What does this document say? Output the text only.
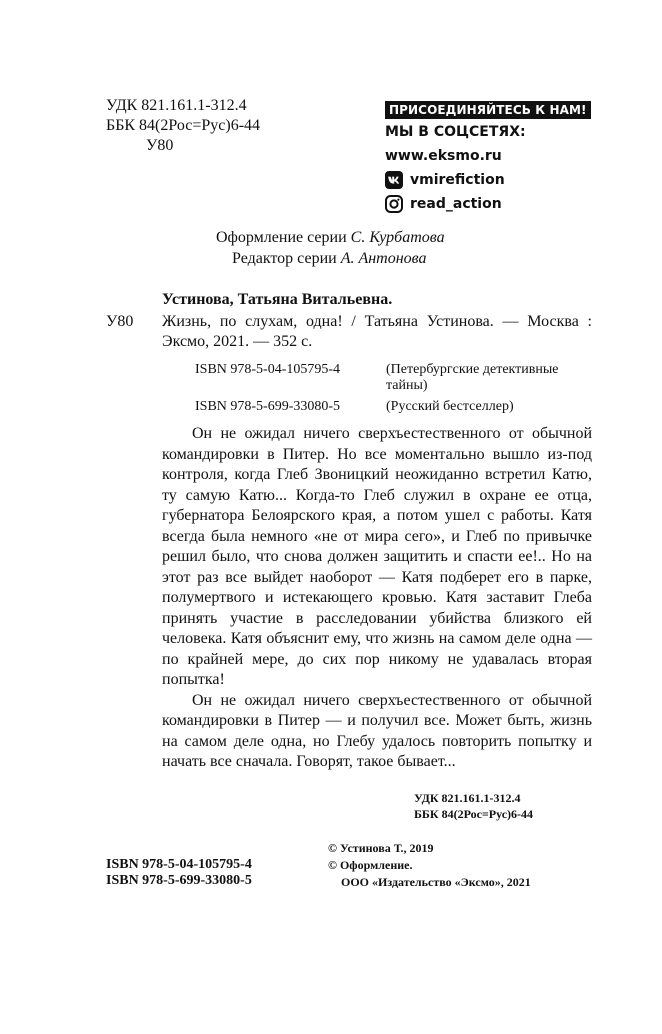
УДК 821.161.1-312.4
ББК 84(2Рос=Рус)6-44
У80
ПРИСОЕДИНЯЙТЕСЬ К НАМ!
МЫ В СОЦСЕТЯХ:
www.eksmo.ru
vmirefiction
read_action
Оформление серии С. Курбатова
Редактор серии А. Антонова
Устинова, Татьяна Витальевна.
У80 Жизнь, по слухам, одна! / Татьяна Устинова. — Москва : Эксмо, 2021. — 352 с.
ISBN 978-5-04-105795-4	(Петербургские детективные тайны)
ISBN 978-5-699-33080-5	(Русский бестселлер)

Он не ожидал ничего сверхъестественного от обычной командировки в Питер. Но все моментально вышло из-под контроля, когда Глеб Звоницкий неожиданно встретил Катю, ту самую Катю... Когда-то Глеб служил в охране ее отца, губернатора Белоярского края, а потом ушел с работы. Катя всегда была немного «не от мира сего», и Глеб по привычке решил было, что снова должен защитить и спасти ее!.. Но на этот раз все выйдет наоборот — Катя подберет его в парке, полумертвого и истекающего кровью. Катя заставит Глеба принять участие в расследовании убийства близкого ей человека. Катя объяснит ему, что жизнь на самом деле одна — по крайней мере, до сих пор никому не удавалась вторая попытка!

Он не ожидал ничего сверхъестественного от обычной командировки в Питер — и получил все. Может быть, жизнь на самом деле одна, но Глебу удалось повторить попытку и начать все сначала. Говорят, такое бывает...

УДК 821.161.1-312.4
ББК 84(2Рос=Рус)6-44
© Устинова Т., 2019
© Оформление.
ООО «Издательство «Эксмо», 2021
ISBN 978-5-04-105795-4
ISBN 978-5-699-33080-5
